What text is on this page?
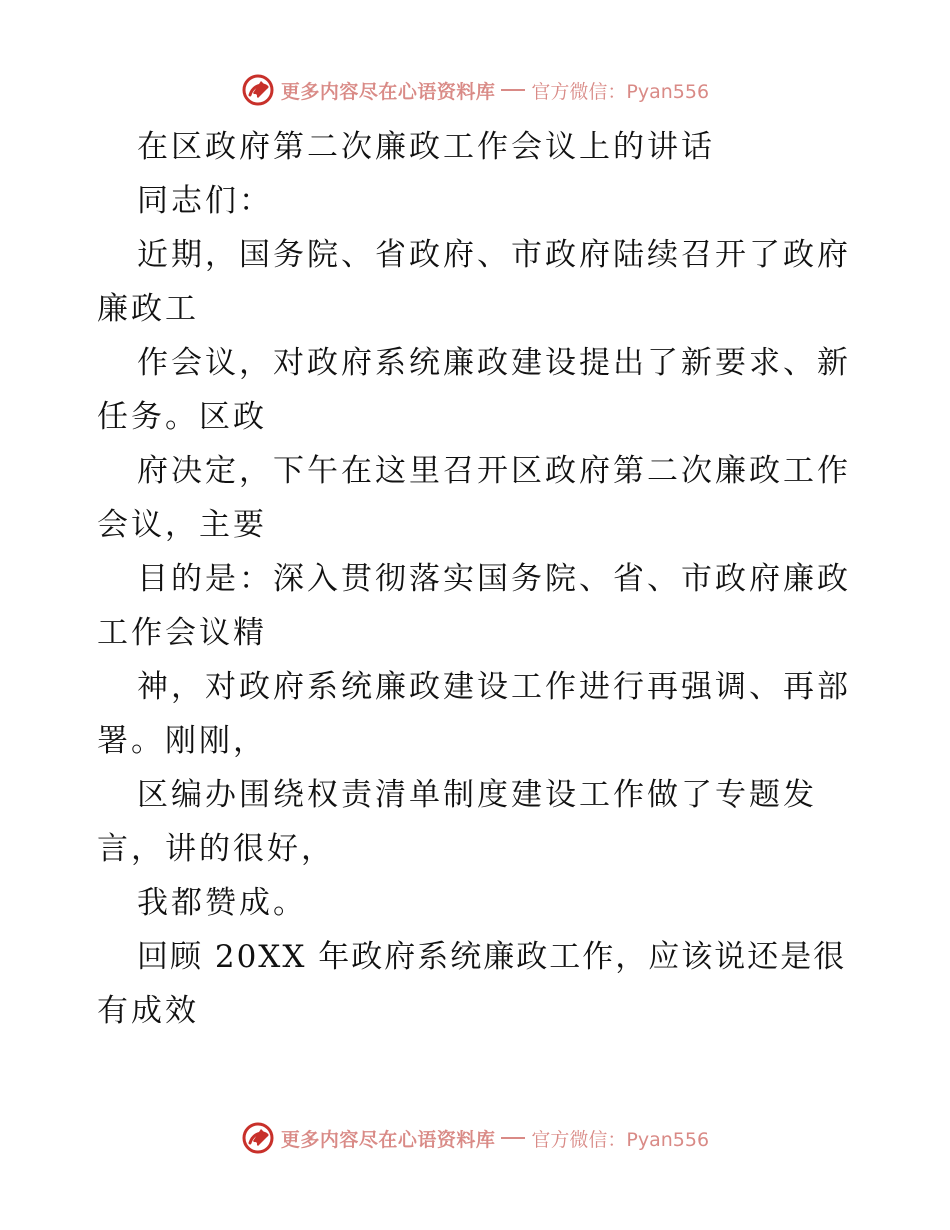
更多内容尽在心语资料库 官方微信：Pyan556
在区政府第二次廉政工作会议上的讲话
同志们：
近期，国务院、省政府、市政府陆续召开了政府
廉政工
作会议，对政府系统廉政建设提出了新要求、新
任务。区政
府决定，下午在这里召开区政府第二次廉政工作
会议，主要
目的是：深入贯彻落实国务院、省、市政府廉政
工作会议精
神，对政府系统廉政建设工作进行再强调、再部
署。刚刚，
区编办围绕权责清单制度建设工作做了专题发
言，讲的很好，
我都赞成。
回顾 20XX 年政府系统廉政工作，应该说还是很
有成效
更多内容尽在心语资料库 官方微信：Pyan556
